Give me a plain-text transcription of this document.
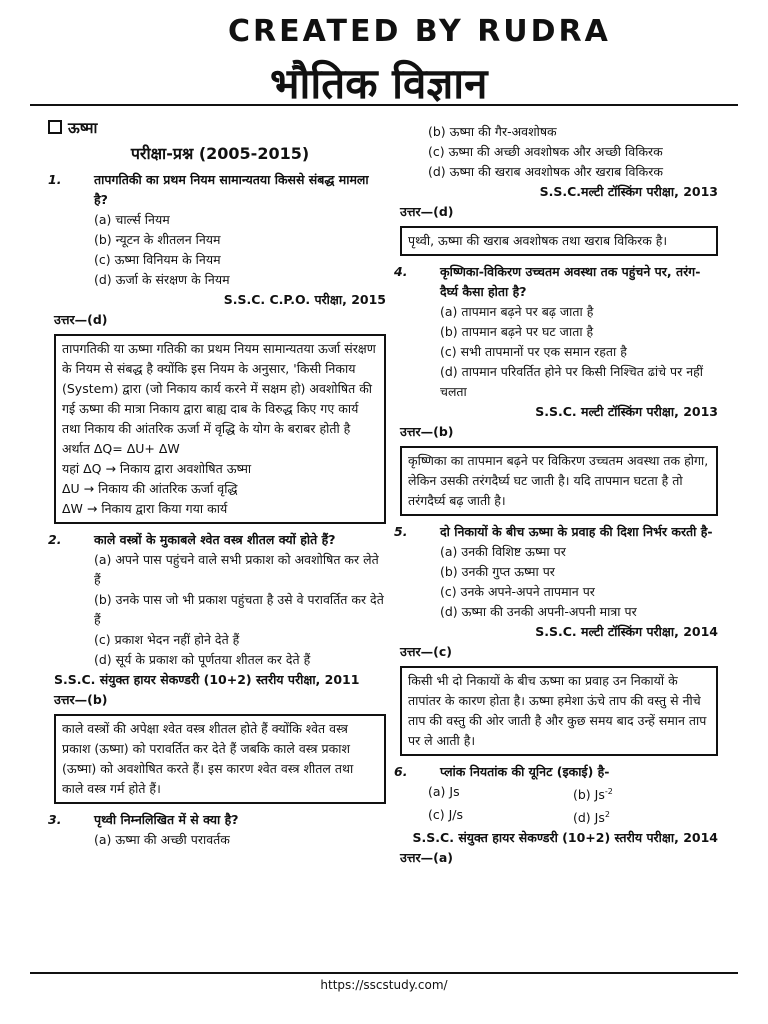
CREATED BY RUDRA
भौतिक विज्ञान
ऊष्मा
परीक्षा-प्रश्न (2005-2015)
1.	तापगतिकी का प्रथम नियम सामान्यतया किससे संबद्ध मामला है?
(a) चार्ल्स नियम
(b) न्यूटन के शीतलन नियम
(c) ऊष्मा विनियम के नियम
(d) ऊर्जा के संरक्षण के नियम
S.S.C. C.P.O. परीक्षा, 2015
उत्तर—(d)
तापगतिकी या ऊष्मा गतिकी का प्रथम नियम सामान्यतया ऊर्जा संरक्षण के नियम से संबद्ध है क्योंकि इस नियम के अनुसार, 'किसी निकाय (System) द्वारा (जो निकाय कार्य करने में सक्षम हो) अवशोषित की गई ऊष्मा की मात्रा निकाय द्वारा बाह्य दाब के विरुद्ध किए गए कार्य तथा निकाय की आंतरिक ऊर्जा में वृद्धि के योग के बराबर होती है अर्थात ΔQ= ΔU+ ΔW
यहां ΔQ → निकाय द्वारा अवशोषित ऊष्मा
ΔU → निकाय की आंतरिक ऊर्जा वृद्धि
ΔW → निकाय द्वारा किया गया कार्य
2.	काले वस्त्रों के मुकाबले श्वेत वस्त्र शीतल क्यों होते हैं?
(a) अपने पास पहुंचने वाले सभी प्रकाश को अवशोषित कर लेते हैं
(b) उनके पास जो भी प्रकाश पहुंचता है उसे वे परावर्तित कर देते हैं
(c) प्रकाश भेदन नहीं होने देते हैं
(d) सूर्य के प्रकाश को पूर्णतया शीतल कर देते हैं
S.S.C. संयुक्त हायर सेकण्डरी (10+2) स्तरीय परीक्षा, 2011
उत्तर—(b)
काले वस्त्रों की अपेक्षा श्वेत वस्त्र शीतल होते हैं क्योंकि श्वेत वस्त्र प्रकाश (ऊष्मा) को परावर्तित कर देते हैं जबकि काले वस्त्र प्रकाश (ऊष्मा) को अवशोषित करते हैं। इस कारण श्वेत वस्त्र शीतल तथा काले वस्त्र गर्म होते हैं।
3.	पृथ्वी निम्नलिखित में से क्या है?
(a) ऊष्मा की अच्छी परावर्तक
(b) ऊष्मा की गैर-अवशोषक
(c) ऊष्मा की अच्छी अवशोषक और अच्छी विकिरक
(d) ऊष्मा की खराब अवशोषक और खराब विकिरक
S.S.C.मल्टी टॉस्किंग परीक्षा, 2013
उत्तर—(d)
पृथ्वी, ऊष्मा की खराब अवशोषक तथा खराब विकिरक है।
4.	कृष्णिका-विकिरण उच्चतम अवस्था तक पहुंचने पर, तरंग-दैर्घ्य कैसा होता है?
(a) तापमान बढ़ने पर बढ़ जाता है
(b) तापमान बढ़ने पर घट जाता है
(c) सभी तापमानों पर एक समान रहता है
(d) तापमान परिवर्तित होने पर किसी निश्चित ढांचे पर नहीं चलता
S.S.C. मल्टी टॉस्किंग परीक्षा, 2013
उत्तर—(b)
कृष्णिका का तापमान बढ़ने पर विकिरण उच्चतम अवस्था तक होगा, लेकिन उसकी तरंगदैर्घ्य घट जाती है। यदि तापमान घटता है तो तरंगदैर्घ्य बढ़ जाती है।
5.	दो निकायों के बीच ऊष्मा के प्रवाह की दिशा निर्भर करती है-
(a) उनकी विशिष्ट ऊष्मा पर
(b) उनकी गुप्त ऊष्मा पर
(c) उनके अपने-अपने तापमान पर
(d) ऊष्मा की उनकी अपनी-अपनी मात्रा पर
S.S.C. मल्टी टॉस्किंग परीक्षा, 2014
उत्तर—(c)
किसी भी दो निकायों के बीच ऊष्मा का प्रवाह उन निकायों के तापांतर के कारण होता है। ऊष्मा हमेशा ऊंचे ताप की वस्तु से नीचे ताप की वस्तु की ओर जाती है और कुछ समय बाद उन्हें समान ताप पर ले आती है।
6.	प्लांक नियतांक की यूनिट (इकाई) है-
(a) Js	(b) $Js^{-2}$
(c) J/s	(d) Js$^2$
S.S.C. संयुक्त हायर सेकण्डरी (10+2) स्तरीय परीक्षा, 2014
उत्तर—(a)
https://sscstudy.com/
